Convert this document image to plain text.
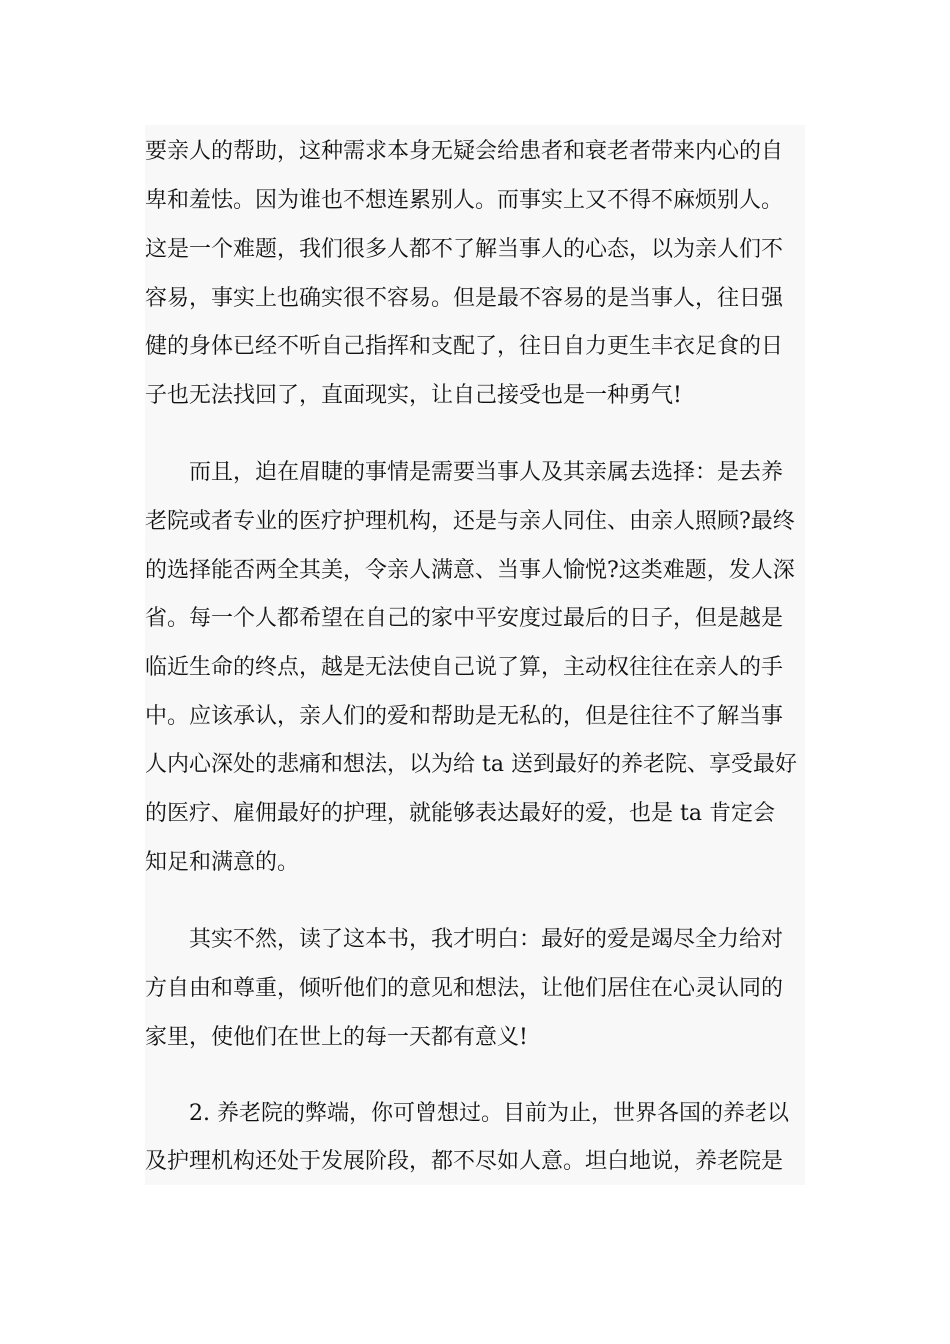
要亲人的帮助，这种需求本身无疑会给患者和衰老者带来内心的自
卑和羞怯。因为谁也不想连累别人。而事实上又不得不麻烦别人。
这是一个难题，我们很多人都不了解当事人的心态，以为亲人们不
容易，事实上也确实很不容易。但是最不容易的是当事人，往日强
健的身体已经不听自己指挥和支配了，往日自力更生丰衣足食的日
子也无法找回了，直面现实，让自己接受也是一种勇气!
而且，迫在眉睫的事情是需要当事人及其亲属去选择：是去养
老院或者专业的医疗护理机构，还是与亲人同住、由亲人照顾?最终
的选择能否两全其美，令亲人满意、当事人愉悦?这类难题，发人深
省。每一个人都希望在自己的家中平安度过最后的日子，但是越是
临近生命的终点，越是无法使自己说了算，主动权往往在亲人的手
中。应该承认，亲人们的爱和帮助是无私的，但是往往不了解当事
人内心深处的悲痛和想法，以为给 ta 送到最好的养老院、享受最好
的医疗、雇佣最好的护理，就能够表达最好的爱，也是 ta 肯定会
知足和满意的。
其实不然，读了这本书，我才明白：最好的爱是竭尽全力给对
方自由和尊重，倾听他们的意见和想法，让他们居住在心灵认同的
家里，使他们在世上的每一天都有意义!
2. 养老院的弊端，你可曾想过。目前为止，世界各国的养老以
及护理机构还处于发展阶段，都不尽如人意。坦白地说，养老院是
